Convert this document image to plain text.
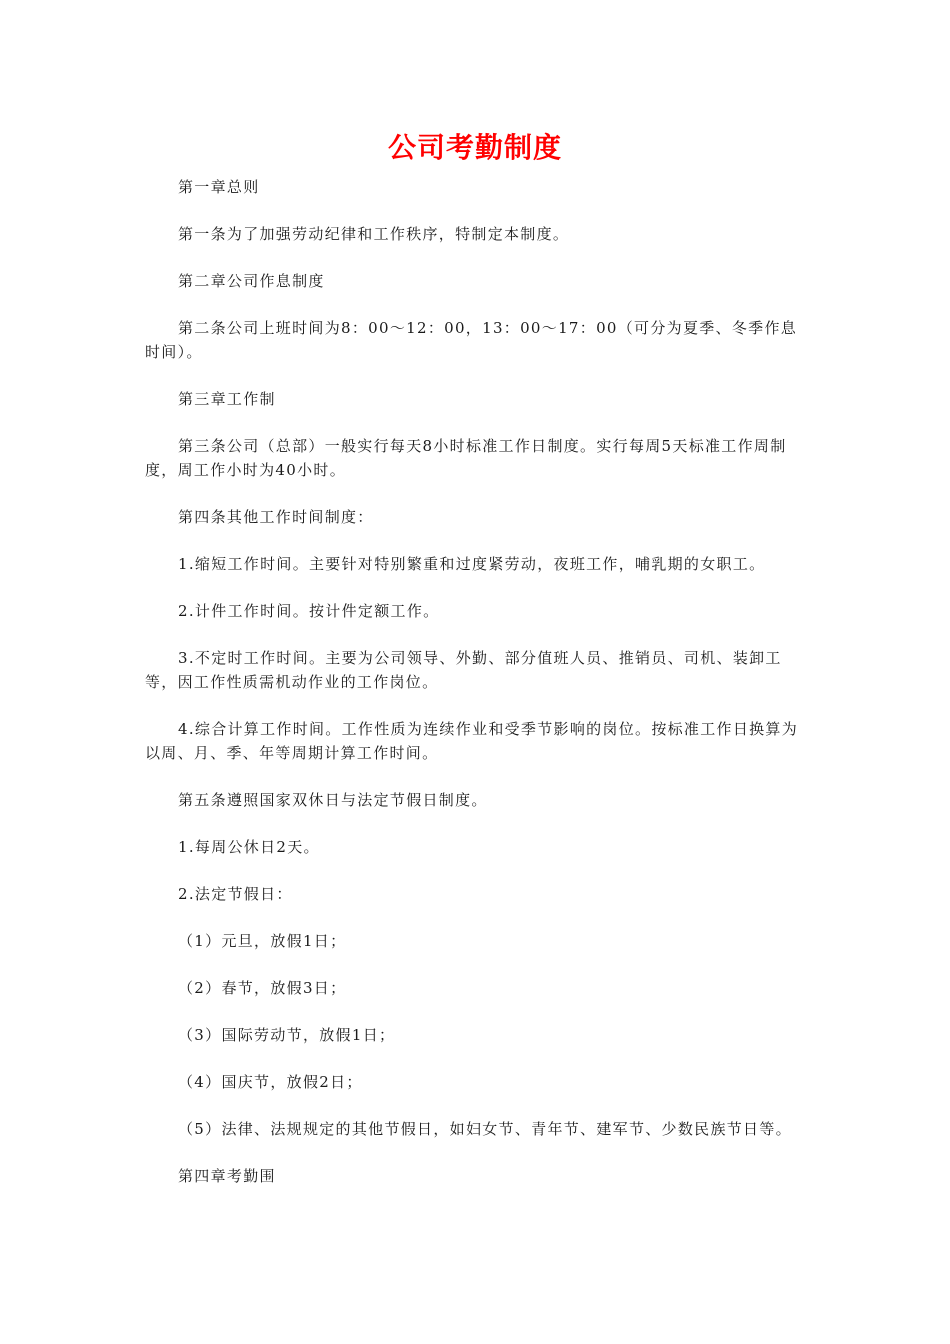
公司考勤制度

第一章总则

第一条为了加强劳动纪律和工作秩序，特制定本制度。

第二章公司作息制度

第二条公司上班时间为8：00～12：00，13：00～17：00（可分为夏季、冬季作息时间）。

第三章工作制

第三条公司（总部）一般实行每天8小时标准工作日制度。实行每周5天标准工作周制度，周工作小时为40小时。

第四条其他工作时间制度：

1.缩短工作时间。主要针对特别繁重和过度紧劳动，夜班工作，哺乳期的女职工。

2.计件工作时间。按计件定额工作。

3.不定时工作时间。主要为公司领导、外勤、部分值班人员、推销员、司机、装卸工等，因工作性质需机动作业的工作岗位。

4.综合计算工作时间。工作性质为连续作业和受季节影响的岗位。按标准工作日换算为以周、月、季、年等周期计算工作时间。

第五条遵照国家双休日与法定节假日制度。

1.每周公休日2天。

2.法定节假日：

（1）元旦，放假1日；

（2）春节，放假3日；

（3）国际劳动节，放假1日；

（4）国庆节，放假2日；

（5）法律、法规规定的其他节假日，如妇女节、青年节、建军节、少数民族节日等。

第四章考勤围
